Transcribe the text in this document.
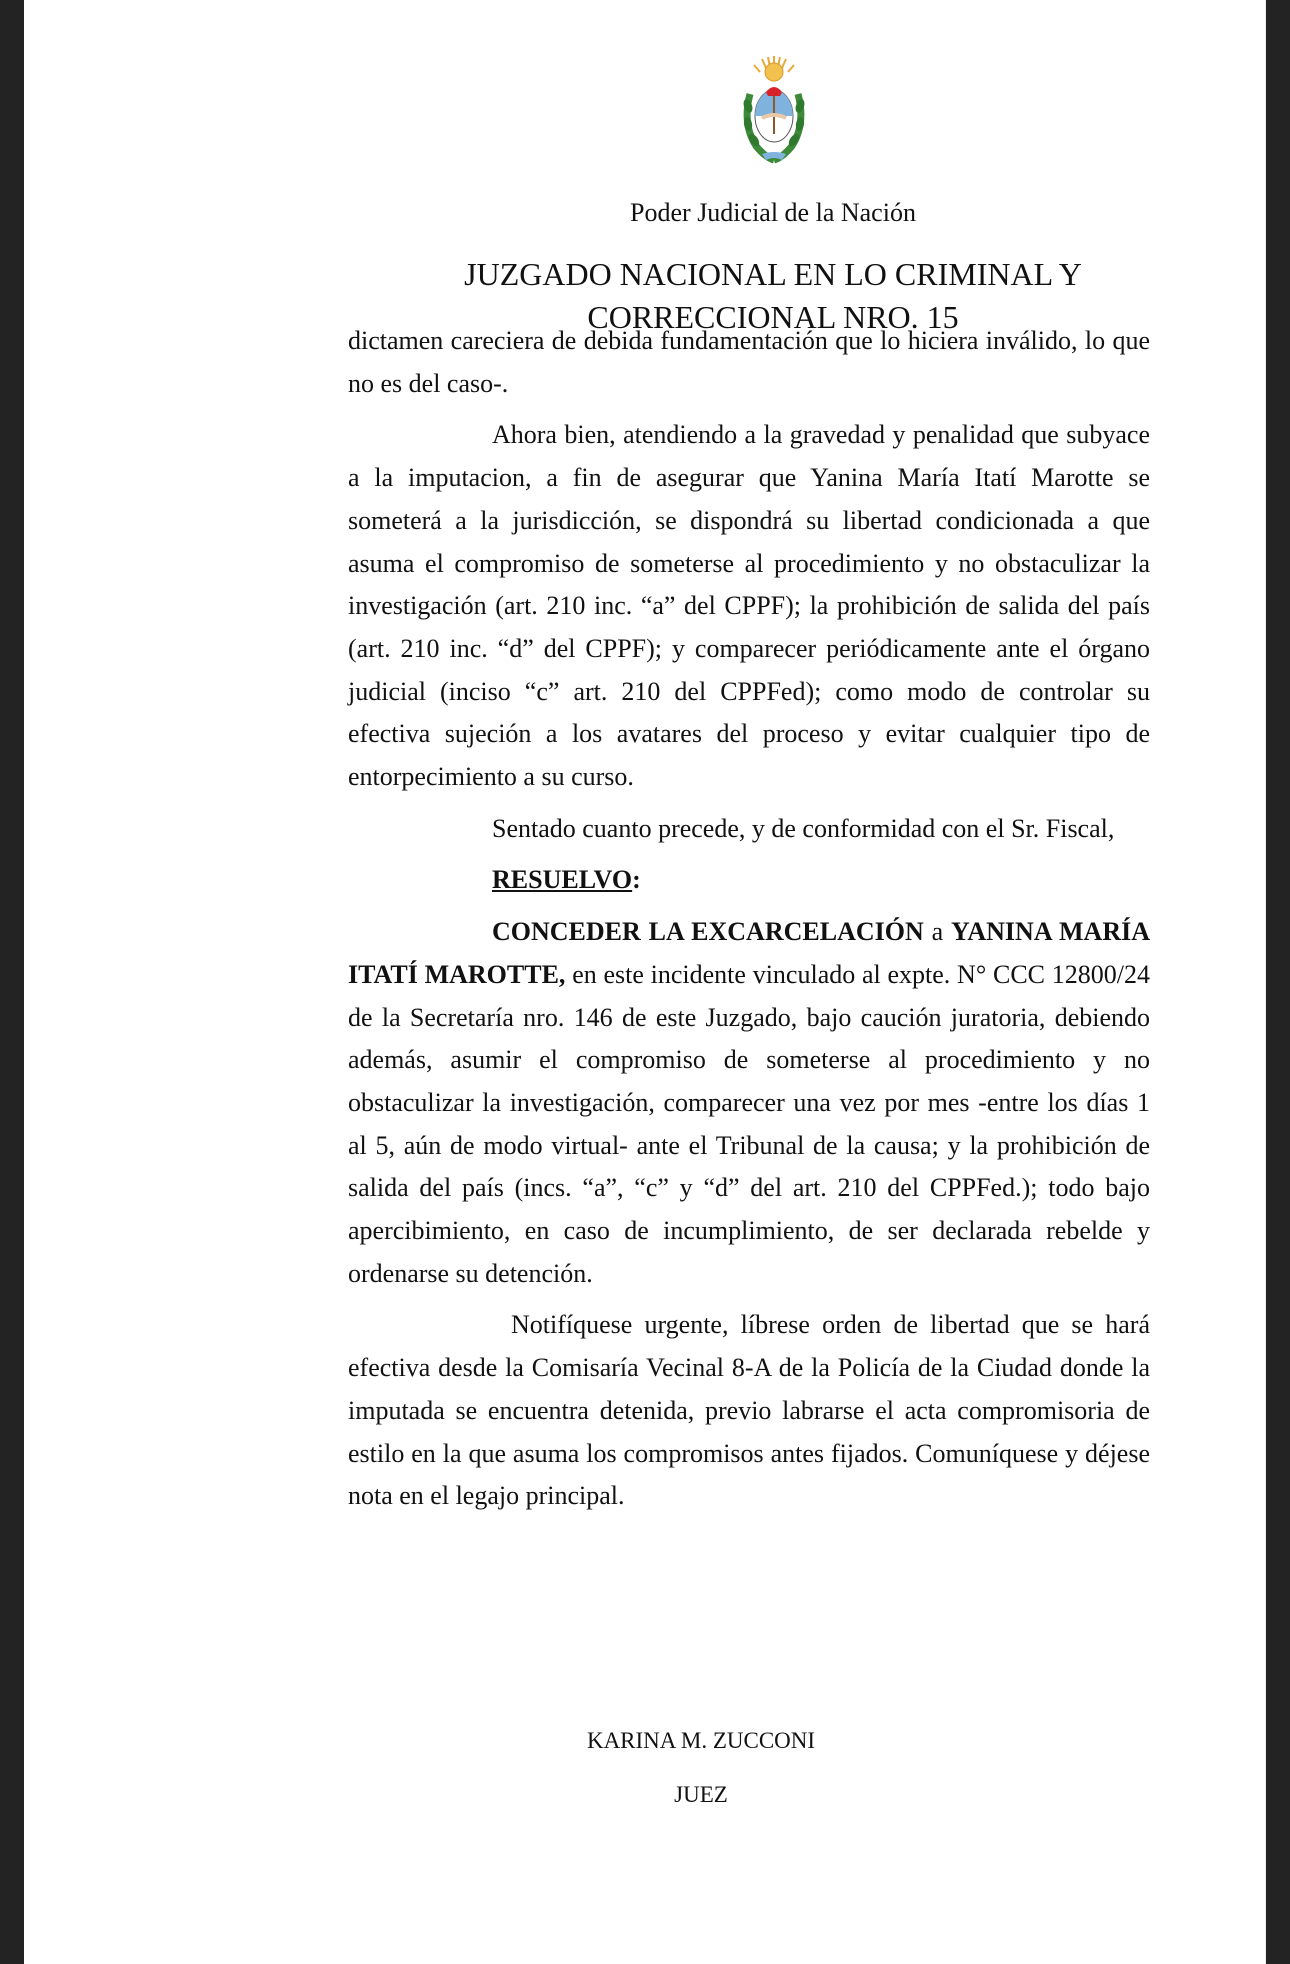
Poder Judicial de la Nación

JUZGADO NACIONAL EN LO CRIMINAL Y
CORRECCIONAL NRO. 15

dictamen careciera de debida fundamentación que lo hiciera inválido, lo que no es del caso-.

Ahora bien, atendiendo a la gravedad y penalidad que subyace a la imputacion, a fin de asegurar que Yanina María Itatí Marotte se someterá a la jurisdicción, se dispondrá su libertad condicionada a que asuma el compromiso de someterse al procedimiento y no obstaculizar la investigación (art. 210 inc. “a” del CPPF); la prohibición de salida del país (art. 210 inc. “d” del CPPF); y comparecer periódicamente ante el órgano judicial (inciso “c” art. 210 del CPPFed); como modo de controlar su efectiva sujeción a los avatares del proceso y evitar cualquier tipo de entorpecimiento a su curso.

Sentado cuanto precede, y de conformidad con el Sr. Fiscal,

RESUELVO:

CONCEDER LA EXCARCELACIÓN a YANINA MARÍA ITATÍ MAROTTE, en este incidente vinculado al expte. N° CCC 12800/24 de la Secretaría nro. 146 de este Juzgado, bajo caución juratoria, debiendo además, asumir el compromiso de someterse al procedimiento y no obstaculizar la investigación, comparecer una vez por mes -entre los días 1 al 5, aún de modo virtual- ante el Tribunal de la causa; y la prohibición de salida del país (incs. “a”, “c” y “d” del art. 210 del CPPFed.); todo bajo apercibimiento, en caso de incumplimiento, de ser declarada rebelde y ordenarse su detención.

Notifíquese urgente, líbrese orden de libertad que se hará efectiva desde la Comisaría Vecinal 8-A de la Policía de la Ciudad donde la imputada se encuentra detenida, previo labrarse el acta compromisoria de estilo en la que asuma los compromisos antes fijados. Comuníquese y déjese nota en el legajo principal.

KARINA M. ZUCCONI

JUEZ
